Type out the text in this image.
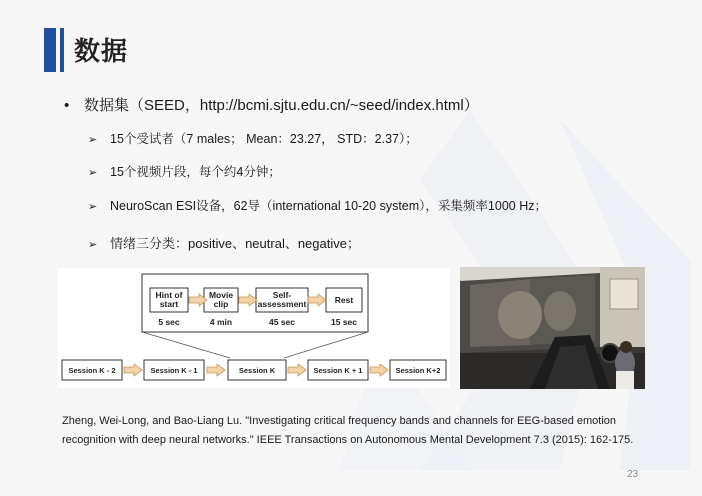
数据
• 数据集（SEED，http://bcmi.sjtu.edu.cn/~seed/index.html）
➢ 15个受试者（7 males； Mean：23.27， STD：2.37）；
➢ 15个视频片段，每个约4分钟；
➢ NeuroScan ESI设备，62导（international 10-20 system），采集频率1000 Hz；
➢ 情绪三分类：positive、neutral、negative；
Hint of
start
Movie
clip
Self-
assessment	Rest
5 sec	4 min	45 sec	15 sec
Session K - 2	Session K - 1	Session K	Session K + 1	Session K+2
Zheng, Wei-Long, and Bao-Liang Lu. "Investigating critical frequency bands and channels for EEG-based emotion recognition with deep neural networks." IEEE Transactions on Autonomous Mental Development 7.3 (2015): 162-175.
23
